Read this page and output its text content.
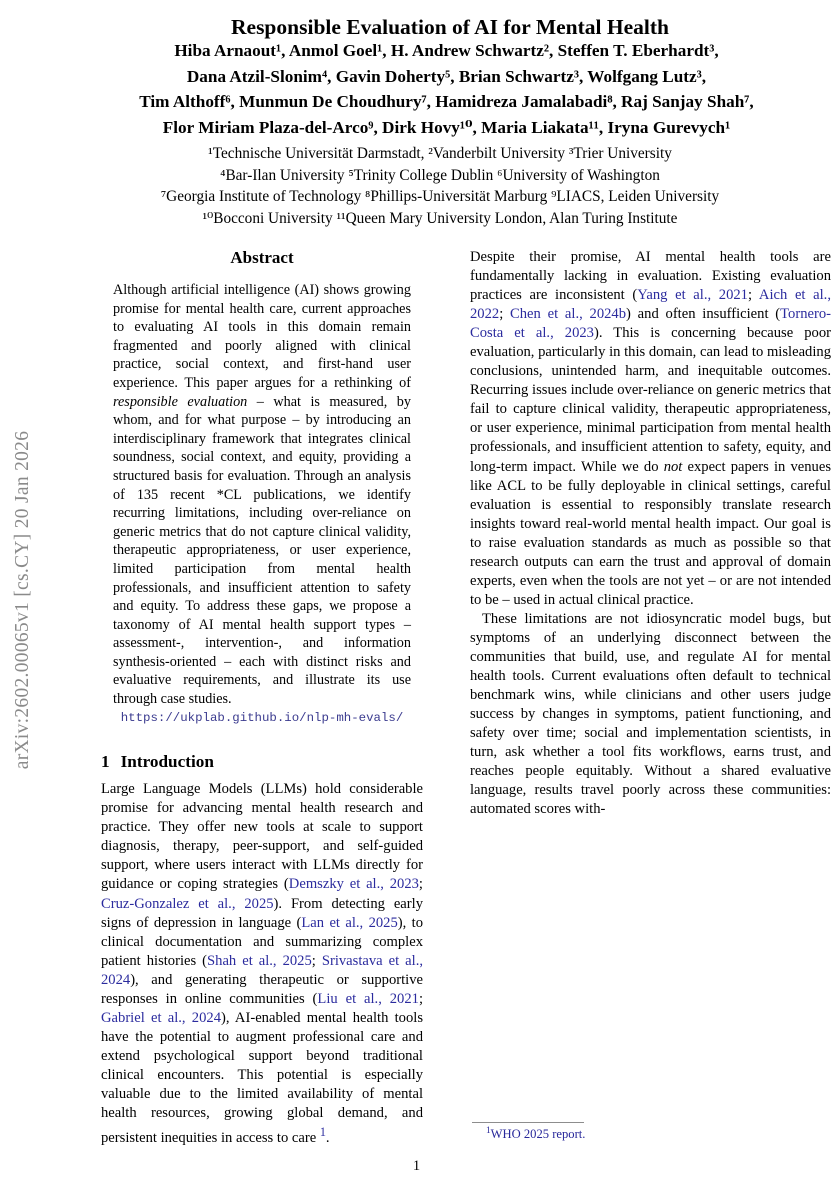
arXiv:2602.00065v1 [cs.CY] 20 Jan 2026
Responsible Evaluation of AI for Mental Health
Hiba Arnaout¹, Anmol Goel¹, H. Andrew Schwartz², Steffen T. Eberhardt³,
Dana Atzil-Slonim⁴, Gavin Doherty⁵, Brian Schwartz³, Wolfgang Lutz³,
Tim Althoff⁶, Munmun De Choudhury⁷, Hamidreza Jamalabadi⁸, Raj Sanjay Shah⁷,
Flor Miriam Plaza-del-Arco⁹, Dirk Hovy¹⁰, Maria Liakata¹¹, Iryna Gurevych¹
¹Technische Universität Darmstadt, ²Vanderbilt University ³Trier University
⁴Bar-Ilan University ⁵Trinity College Dublin ⁶University of Washington
⁷Georgia Institute of Technology ⁸Phillips-Universität Marburg ⁹LIACS, Leiden University
¹⁰Bocconi University ¹¹Queen Mary University London, Alan Turing Institute
Abstract

Although artificial intelligence (AI) shows growing promise for mental health care, current approaches to evaluating AI tools in this domain remain fragmented and poorly aligned with clinical practice, social context, and first-hand user experience. This paper argues for a rethinking of responsible evaluation – what is measured, by whom, and for what purpose – by introducing an interdisciplinary framework that integrates clinical soundness, social context, and equity, providing a structured basis for evaluation. Through an analysis of 135 recent *CL publications, we identify recurring limitations, including over-reliance on generic metrics that do not capture clinical validity, therapeutic appropriateness, or user experience, limited participation from mental health professionals, and insufficient attention to safety and equity. To address these gaps, we propose a taxonomy of AI mental health support types – assessment-, intervention-, and information synthesis-oriented – each with distinct risks and evaluative requirements, and illustrate its use through case studies.

https://ukplab.github.io/nlp-mh-evals/

1 Introduction

Large Language Models (LLMs) hold considerable promise for advancing mental health research and practice. They offer new tools at scale to support diagnosis, therapy, peer-support, and self-guided support, where users interact with LLMs directly for guidance or coping strategies (Demszky et al., 2023; Cruz-Gonzalez et al., 2025). From detecting early signs of depression in language (Lan et al., 2025), to clinical documentation and summarizing complex patient histories (Shah et al., 2025; Srivastava et al., 2024), and generating therapeutic or supportive responses in online communities (Liu et al., 2021; Gabriel et al., 2024), AI-enabled mental health tools have the potential to augment professional care and extend psychological support beyond traditional clinical encounters. This potential is especially valuable due to the limited availability of mental health resources, growing global demand, and persistent inequities in access to care $^1$.

Despite their promise, AI mental health tools are fundamentally lacking in evaluation. Existing evaluation practices are inconsistent (Yang et al., 2021; Aich et al., 2022; Chen et al., 2024b) and often insufficient (Tornero-Costa et al., 2023). This is concerning because poor evaluation, particularly in this domain, can lead to misleading conclusions, unintended harm, and inequitable outcomes. Recurring issues include over-reliance on generic metrics that fail to capture clinical validity, therapeutic appropriateness, or user experience, minimal participation from mental health professionals, and insufficient attention to safety, equity, and long-term impact. While we do not expect papers in venues like ACL to be fully deployable in clinical settings, careful evaluation is essential to responsibly translate research insights toward real-world mental health impact. Our goal is to raise evaluation standards as much as possible so that research outputs can earn the trust and approval of domain experts, even when the tools are not yet – or are not intended to be – used in actual clinical practice.

These limitations are not idiosyncratic model bugs, but symptoms of an underlying disconnect between the communities that build, use, and regulate AI for mental health tools. Current evaluations often default to technical benchmark wins, while clinicians and other users judge success by changes in symptoms, patient functioning, and safety over time; social and implementation scientists, in turn, ask whether a tool fits workflows, earns trust, and reaches people equitably. Without a shared evaluative language, results travel poorly across these communities: automated scores with-

$^1$WHO 2025 report.
1
